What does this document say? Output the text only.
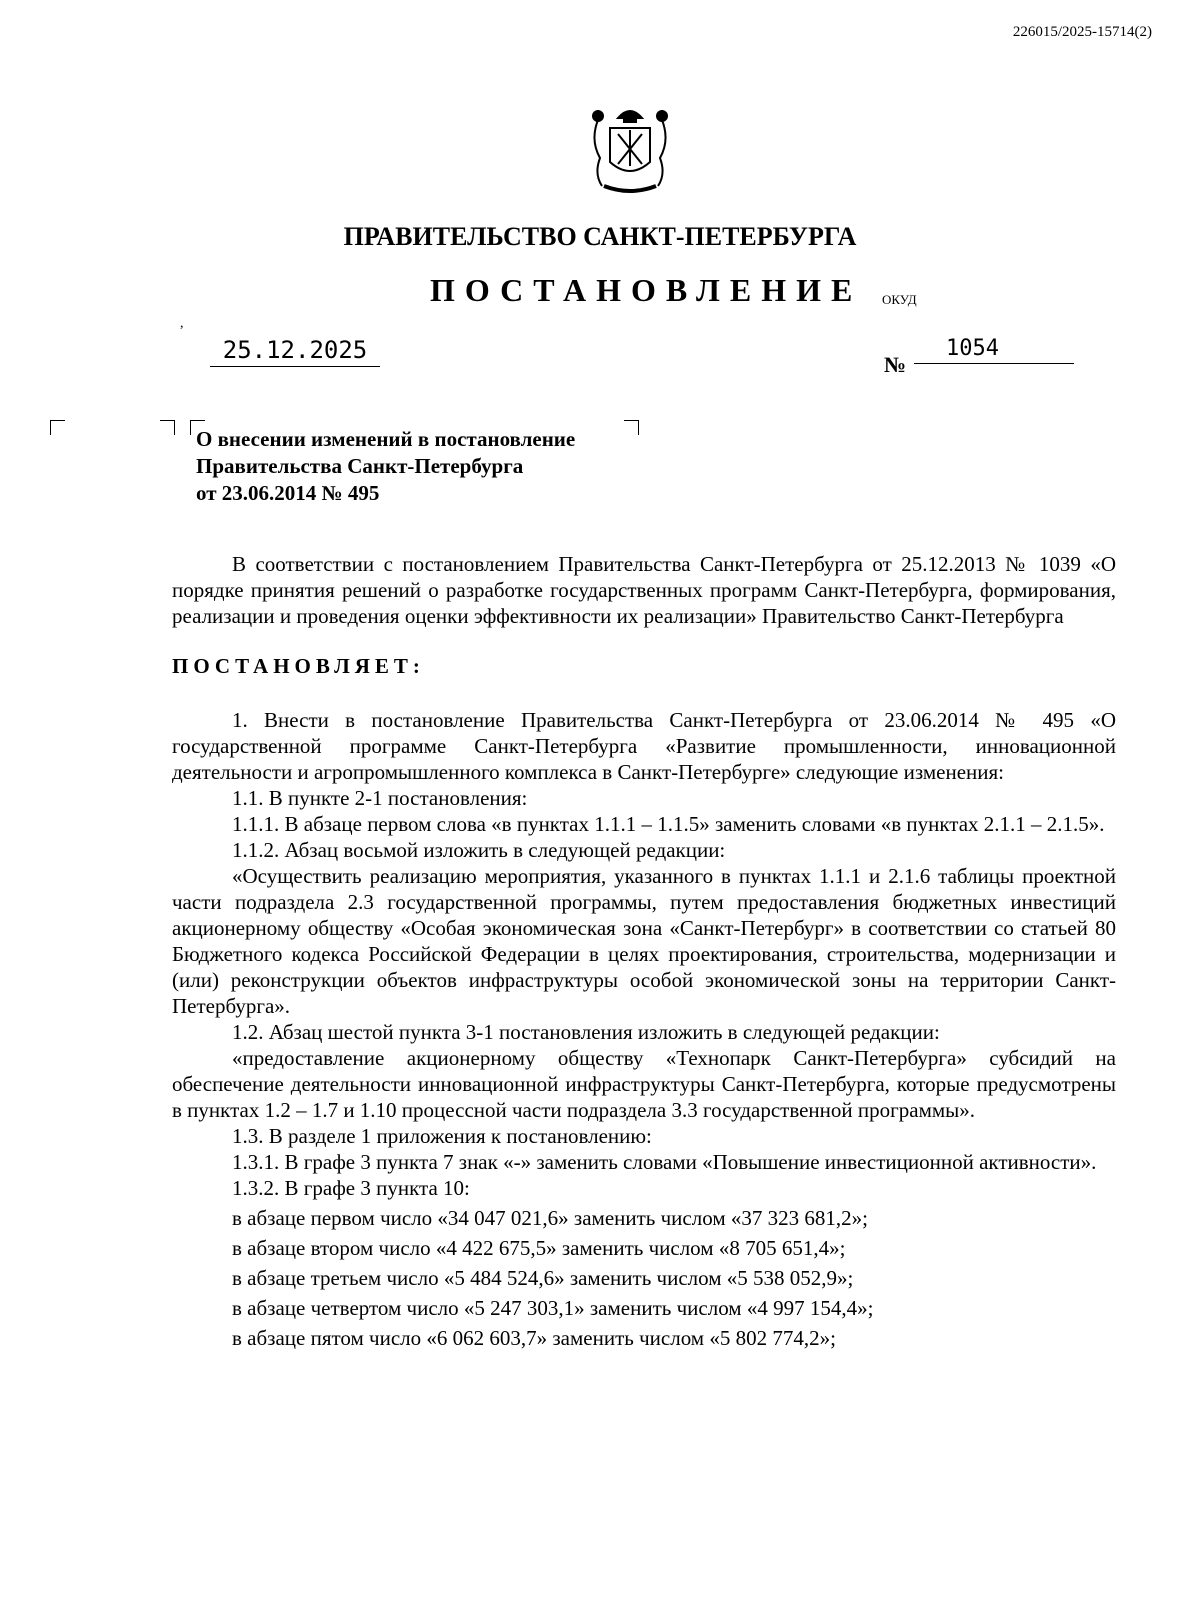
226015/2025-15714(2)
ПРАВИТЕЛЬСТВО САНКТ-ПЕТЕРБУРГА
ПОСТАНОВЛЕНИЕ ОКУД
,
25.12.2025
№
1054
О внесении изменений в постановление
Правительства Санкт-Петербурга
от 23.06.2014 № 495

В соответствии с постановлением Правительства Санкт-Петербурга от 25.12.2013 № 1039 «О порядке принятия решений о разработке государственных программ Санкт-Петербурга, формирования, реализации и проведения оценки эффективности их реализации» Правительство Санкт-Петербурга

ПОСТАНОВЛЯЕТ:

1. Внести в постановление Правительства Санкт-Петербурга от 23.06.2014 № 495 «О государственной программе Санкт-Петербурга «Развитие промышленности, инновационной деятельности и агропромышленного комплекса в Санкт-Петербурге» следующие изменения:

1.1. В пункте 2-1 постановления:

1.1.1. В абзаце первом слова «в пунктах 1.1.1 – 1.1.5» заменить словами «в пунктах 2.1.1 – 2.1.5».

1.1.2. Абзац восьмой изложить в следующей редакции:

«Осуществить реализацию мероприятия, указанного в пунктах 1.1.1 и 2.1.6 таблицы проектной части подраздела 2.3 государственной программы, путем предоставления бюджетных инвестиций акционерному обществу «Особая экономическая зона «Санкт-Петербург» в соответствии со статьей 80 Бюджетного кодекса Российской Федерации в целях проектирования, строительства, модернизации и (или) реконструкции объектов инфраструктуры особой экономической зоны на территории Санкт-Петербурга».

1.2. Абзац шестой пункта 3-1 постановления изложить в следующей редакции:

«предоставление акционерному обществу «Технопарк Санкт-Петербурга» субсидий на обеспечение деятельности инновационной инфраструктуры Санкт-Петербурга, которые предусмотрены в пунктах 1.2 – 1.7 и 1.10 процессной части подраздела 3.3 государственной программы».

1.3. В разделе 1 приложения к постановлению:

1.3.1. В графе 3 пункта 7 знак «-» заменить словами «Повышение инвестиционной активности».

1.3.2. В графе 3 пункта 10:

в абзаце первом число «34 047 021,6» заменить числом «37 323 681,2»;

в абзаце втором число «4 422 675,5» заменить числом «8 705 651,4»;

в абзаце третьем число «5 484 524,6» заменить числом «5 538 052,9»;

в абзаце четвертом число «5 247 303,1» заменить числом «4 997 154,4»;

в абзаце пятом число «6 062 603,7» заменить числом «5 802 774,2»;
